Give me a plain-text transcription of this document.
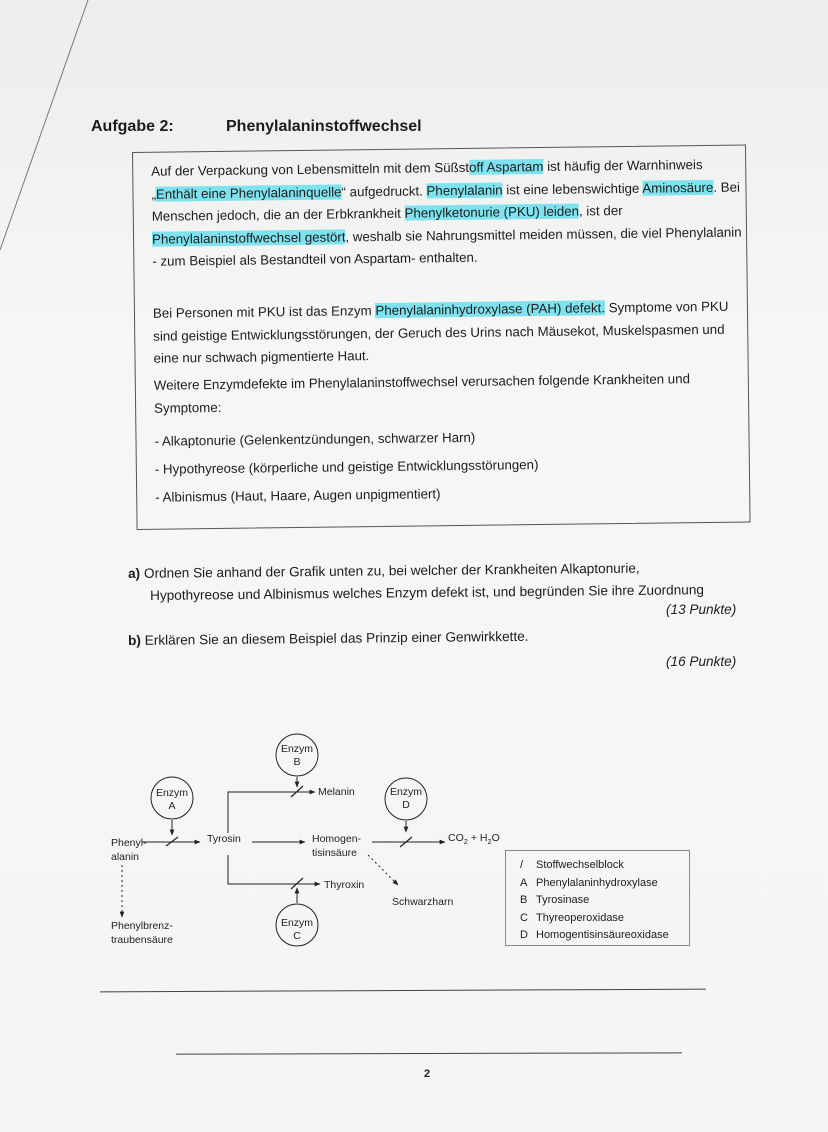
Aufgabe 2:	Phenylalaninstoffwechsel

Auf der Verpackung von Lebensmitteln mit dem Süßstoff Aspartam ist häufig der Warnhinweis „Enthält eine Phenylalaninquelle“ aufgedruckt. Phenylalanin ist eine lebenswichtige Aminosäure. Bei Menschen jedoch, die an der Erbkrankheit Phenylketonurie (PKU) leiden, ist der Phenylalaninstoffwechsel gestört, weshalb sie Nahrungsmittel meiden müssen, die viel Phenylalanin - zum Beispiel als Bestandteil von Aspartam- enthalten.

Bei Personen mit PKU ist das Enzym Phenylalaninhydroxylase (PAH) defekt. Symptome von PKU sind geistige Entwicklungsstörungen, der Geruch des Urins nach Mäusekot, Muskelspasmen und eine nur schwach pigmentierte Haut.

Weitere Enzymdefekte im Phenylalaninstoffwechsel verursachen folgende Krankheiten und Symptome:

- Alkaptonurie (Gelenkentzündungen, schwarzer Harn)

- Hypothyreose (körperliche und geistige Entwicklungsstörungen)

- Albinismus (Haut, Haare, Augen unpigmentiert)

a) Ordnen Sie anhand der Grafik unten zu, bei welcher der Krankheiten Alkaptonurie,
Hypothyreose und Albinismus welches Enzym defekt ist, und begründen Sie ihre Zuordnung
(13 Punkte)
b) Erklären Sie an diesem Beispiel das Prinzip einer Genwirkkette.
(16 Punkte)
Enzym
A
Enzym
B
Enzym
C
Enzym
D
Phenyl-
alanin
Tyrosin
Melanin
Homogen-
tisinsäure
$CO_2 + H_2O$
Thyroxin
Schwarzharn
Phenylbrenz-
traubensäure
/ Stoffwechselblock
A Phenylalaninhydroxylase
B Tyrosinase
C Thyreoperoxidase
D Homogentisinsäureoxidase
2
